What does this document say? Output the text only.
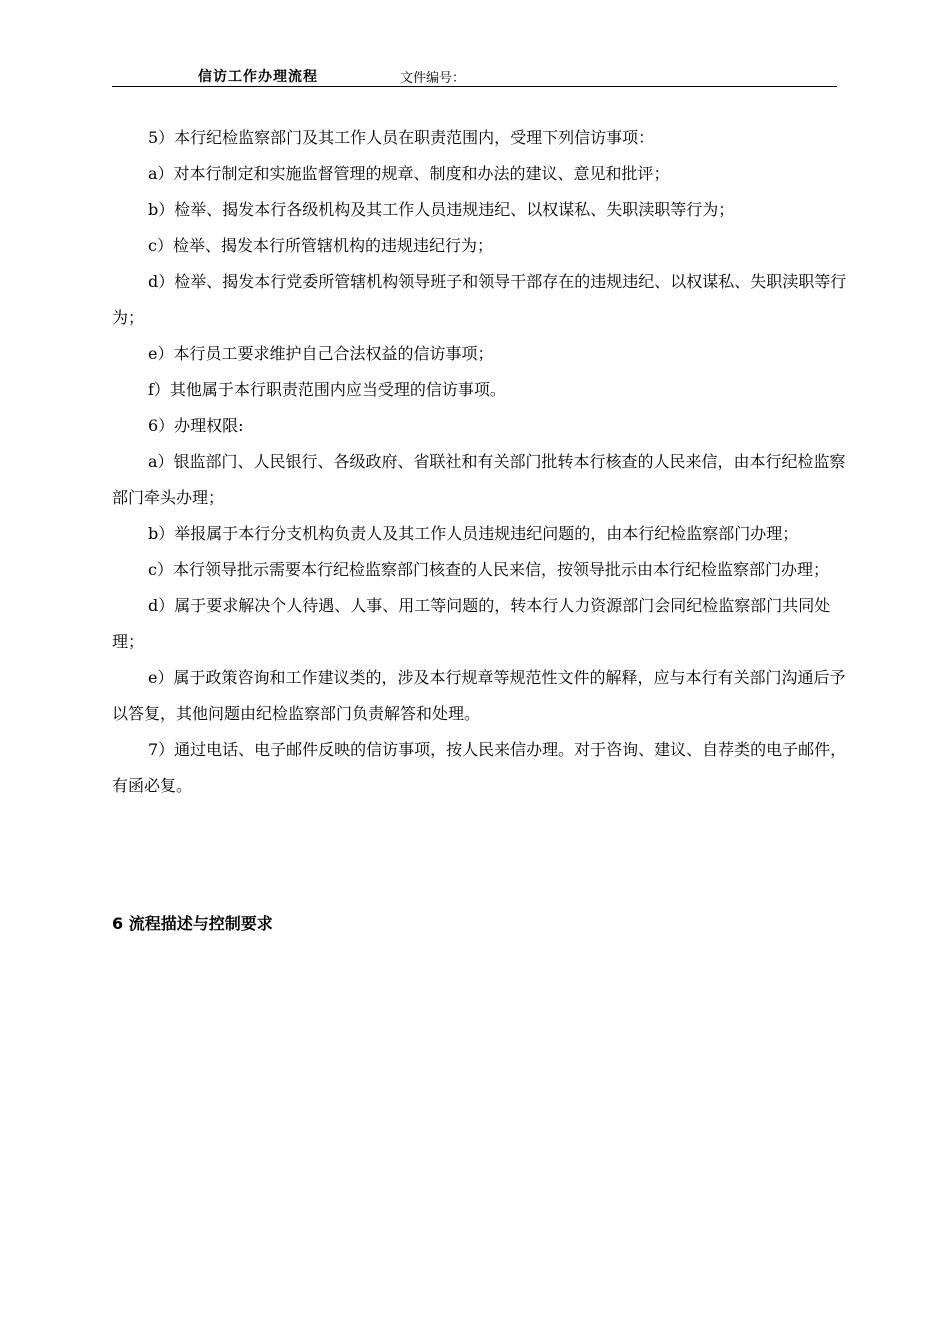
信访工作办理流程	文件编号：

5）本行纪检监察部门及其工作人员在职责范围内，受理下列信访事项：

a）对本行制定和实施监督管理的规章、制度和办法的建议、意见和批评；

b）检举、揭发本行各级机构及其工作人员违规违纪、以权谋私、失职渎职等行为；

c）检举、揭发本行所管辖机构的违规违纪行为；

d）检举、揭发本行党委所管辖机构领导班子和领导干部存在的违规违纪、以权谋私、失职渎职等行为；

e）本行员工要求维护自己合法权益的信访事项；

f）其他属于本行职责范围内应当受理的信访事项。

6）办理权限:

a）银监部门、人民银行、各级政府、省联社和有关部门批转本行核查的人民来信，由本行纪检监察部门牵头办理；

b）举报属于本行分支机构负责人及其工作人员违规违纪问题的，由本行纪检监察部门办理；

c）本行领导批示需要本行纪检监察部门核查的人民来信，按领导批示由本行纪检监察部门办理；

d）属于要求解决个人待遇、人事、用工等问题的，转本行人力资源部门会同纪检监察部门共同处理；

e）属于政策咨询和工作建议类的，涉及本行规章等规范性文件的解释，应与本行有关部门沟通后予以答复，其他问题由纪检监察部门负责解答和处理。

7）通过电话、电子邮件反映的信访事项，按人民来信办理。对于咨询、建议、自荐类的电子邮件，有函必复。

6 流程描述与控制要求
